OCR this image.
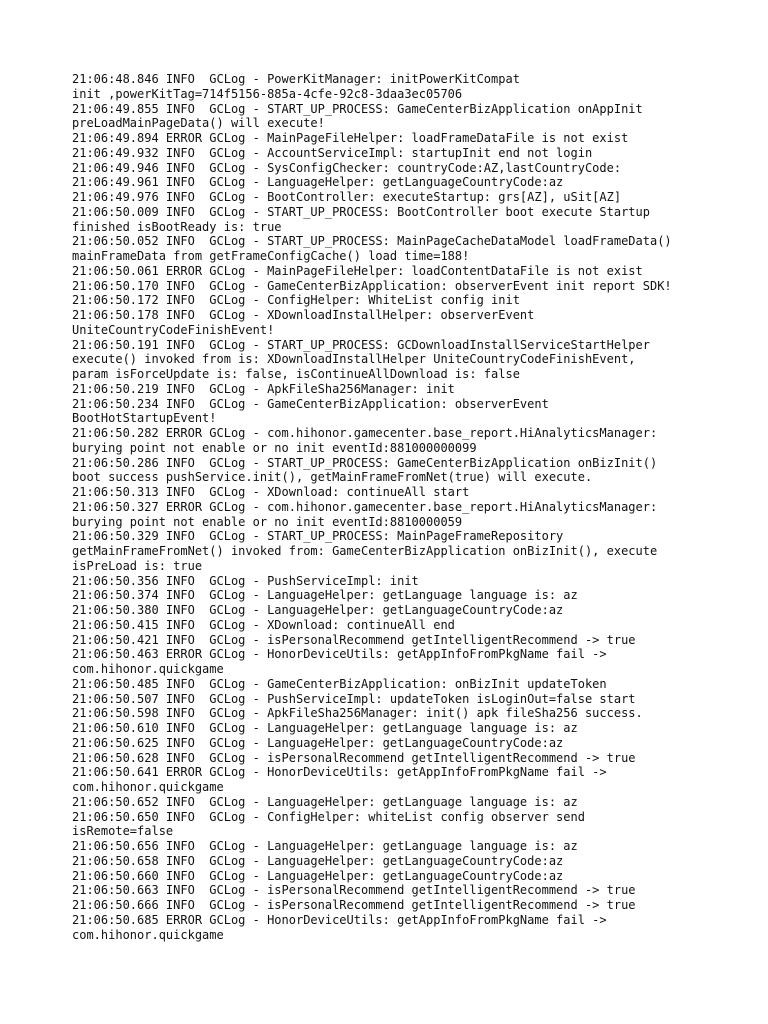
21:06:48.846 INFO  GCLog - PowerKitManager: initPowerKitCompat
init ,powerKitTag=714f5156-885a-4cfe-92c8-3daa3ec05706
21:06:49.855 INFO  GCLog - START_UP_PROCESS: GameCenterBizApplication onAppInit
preLoadMainPageData() will execute!
21:06:49.894 ERROR GCLog - MainPageFileHelper: loadFrameDataFile is not exist
21:06:49.932 INFO  GCLog - AccountServiceImpl: startupInit end not login
21:06:49.946 INFO  GCLog - SysConfigChecker: countryCode:AZ,lastCountryCode:
21:06:49.961 INFO  GCLog - LanguageHelper: getLanguageCountryCode:az
21:06:49.976 INFO  GCLog - BootController: executeStartup: grs[AZ], uSit[AZ]
21:06:50.009 INFO  GCLog - START_UP_PROCESS: BootController boot execute Startup
finished isBootReady is: true
21:06:50.052 INFO  GCLog - START_UP_PROCESS: MainPageCacheDataModel loadFrameData()
mainFrameData from getFrameConfigCache() load time=188!
21:06:50.061 ERROR GCLog - MainPageFileHelper: loadContentDataFile is not exist
21:06:50.170 INFO  GCLog - GameCenterBizApplication: observerEvent init report SDK!
21:06:50.172 INFO  GCLog - ConfigHelper: WhiteList config init
21:06:50.178 INFO  GCLog - XDownloadInstallHelper: observerEvent
UniteCountryCodeFinishEvent!
21:06:50.191 INFO  GCLog - START_UP_PROCESS: GCDownloadInstallServiceStartHelper
execute() invoked from is: XDownloadInstallHelper UniteCountryCodeFinishEvent,
param isForceUpdate is: false, isContinueAllDownload is: false
21:06:50.219 INFO  GCLog - ApkFileSha256Manager: init
21:06:50.234 INFO  GCLog - GameCenterBizApplication: observerEvent
BootHotStartupEvent!
21:06:50.282 ERROR GCLog - com.hihonor.gamecenter.base_report.HiAnalyticsManager:
burying point not enable or no init eventId:881000000099
21:06:50.286 INFO  GCLog - START_UP_PROCESS: GameCenterBizApplication onBizInit()
boot success pushService.init(), getMainFrameFromNet(true) will execute.
21:06:50.313 INFO  GCLog - XDownload: continueAll start
21:06:50.327 ERROR GCLog - com.hihonor.gamecenter.base_report.HiAnalyticsManager:
burying point not enable or no init eventId:8810000059
21:06:50.329 INFO  GCLog - START_UP_PROCESS: MainPageFrameRepository
getMainFrameFromNet() invoked from: GameCenterBizApplication onBizInit(), execute
isPreLoad is: true
21:06:50.356 INFO  GCLog - PushServiceImpl: init
21:06:50.374 INFO  GCLog - LanguageHelper: getLanguage language is: az
21:06:50.380 INFO  GCLog - LanguageHelper: getLanguageCountryCode:az
21:06:50.415 INFO  GCLog - XDownload: continueAll end
21:06:50.421 INFO  GCLog - isPersonalRecommend getIntelligentRecommend -> true
21:06:50.463 ERROR GCLog - HonorDeviceUtils: getAppInfoFromPkgName fail ->
com.hihonor.quickgame
21:06:50.485 INFO  GCLog - GameCenterBizApplication: onBizInit updateToken
21:06:50.507 INFO  GCLog - PushServiceImpl: updateToken isLoginOut=false start
21:06:50.598 INFO  GCLog - ApkFileSha256Manager: init() apk fileSha256 success.
21:06:50.610 INFO  GCLog - LanguageHelper: getLanguage language is: az
21:06:50.625 INFO  GCLog - LanguageHelper: getLanguageCountryCode:az
21:06:50.628 INFO  GCLog - isPersonalRecommend getIntelligentRecommend -> true
21:06:50.641 ERROR GCLog - HonorDeviceUtils: getAppInfoFromPkgName fail ->
com.hihonor.quickgame
21:06:50.652 INFO  GCLog - LanguageHelper: getLanguage language is: az
21:06:50.650 INFO  GCLog - ConfigHelper: whiteList config observer send
isRemote=false
21:06:50.656 INFO  GCLog - LanguageHelper: getLanguage language is: az
21:06:50.658 INFO  GCLog - LanguageHelper: getLanguageCountryCode:az
21:06:50.660 INFO  GCLog - LanguageHelper: getLanguageCountryCode:az
21:06:50.663 INFO  GCLog - isPersonalRecommend getIntelligentRecommend -> true
21:06:50.666 INFO  GCLog - isPersonalRecommend getIntelligentRecommend -> true
21:06:50.685 ERROR GCLog - HonorDeviceUtils: getAppInfoFromPkgName fail ->
com.hihonor.quickgame
